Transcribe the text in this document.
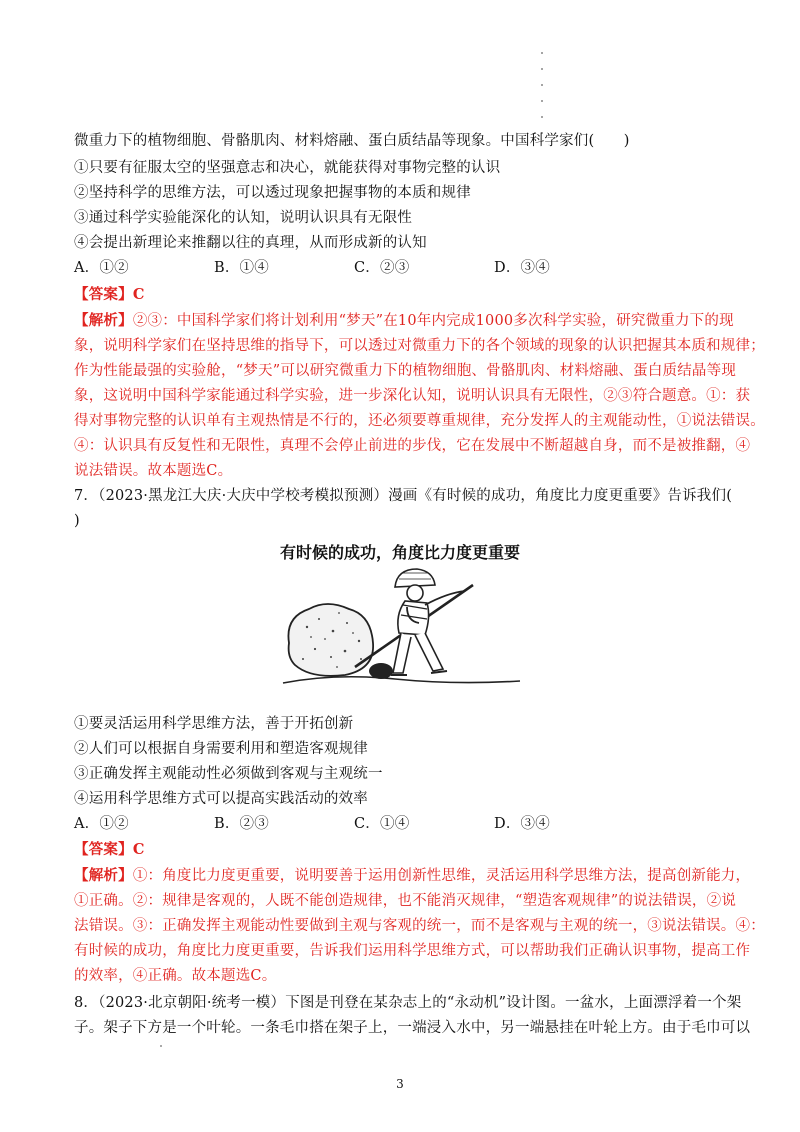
微重力下的植物细胞、骨骼肌肉、材料熔融、蛋白质结晶等现象。中国科学家们(　　)
①只要有征服太空的坚强意志和决心，就能获得对事物完整的认识
②坚持科学的思维方法，可以透过现象把握事物的本质和规律
③通过科学实验能深化的认知，说明认识具有无限性
④会提出新理论来推翻以往的真理，从而形成新的认知
A．①②	B．①④	C．②③	D．③④
【答案】C
【解析】②③：中国科学家们将计划利用“梦天”在10年内完成1000多次科学实验，研究微重力下的现
象，说明科学家们在坚持思维的指导下，可以透过对微重力下的各个领域的现象的认识把握其本质和规律；
作为性能最强的实验舱，“梦天”可以研究微重力下的植物细胞、骨骼肌肉、材料熔融、蛋白质结晶等现
象，这说明中国科学家能通过科学实验，进一步深化认知，说明认识具有无限性，②③符合题意。①：获
得对事物完整的认识单有主观热情是不行的，还必须要尊重规律，充分发挥人的主观能动性，①说法错误。
④：认识具有反复性和无限性，真理不会停止前进的步伐，它在发展中不断超越自身，而不是被推翻，④
说法错误。故本题选C。
7．（2023·黑龙江大庆·大庆中学校考模拟预测）漫画《有时候的成功，角度比力度更重要》告诉我们(
)
有时候的成功，角度比力度更重要
①要灵活运用科学思维方法，善于开拓创新
②人们可以根据自身需要利用和塑造客观规律
③正确发挥主观能动性必须做到客观与主观统一
④运用科学思维方式可以提高实践活动的效率
A．①②	B．②③	C．①④	D．③④
【答案】C
【解析】①：角度比力度更重要，说明要善于运用创新性思维，灵活运用科学思维方法，提高创新能力，
①正确。②：规律是客观的，人既不能创造规律，也不能消灭规律，“塑造客观规律”的说法错误，②说
法错误。③：正确发挥主观能动性要做到主观与客观的统一，而不是客观与主观的统一，③说法错误。④：
有时候的成功，角度比力度更重要，告诉我们运用科学思维方式，可以帮助我们正确认识事物，提高工作
的效率，④正确。故本题选C。
8．（2023·北京朝阳·统考一模）下图是刊登在某杂志上的“永动机”设计图。一盆水，上面漂浮着一个架
子。架子下方是一个叶轮。一条毛巾搭在架子上，一端浸入水中，另一端悬挂在叶轮上方。由于毛巾可以
3
